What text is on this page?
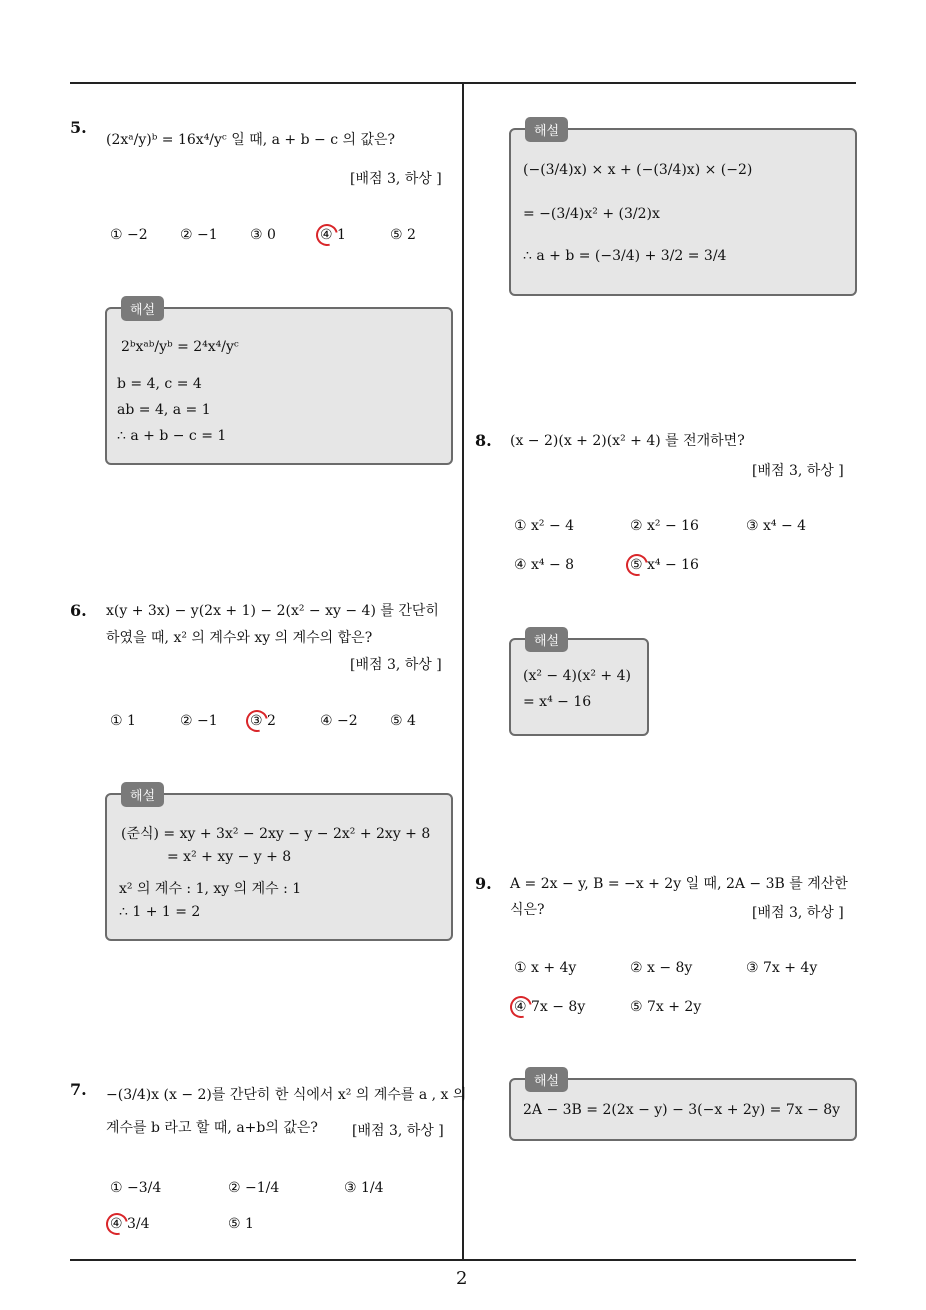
2
5.
(2xᵃ/y)ᵇ = 16x⁴/yᶜ 일 때, a + b − c 의 값은?
[배점 3, 하상 ]
① −2 ② −1 ③ 0	④ 1	⑤ 2
해설
2ᵇxᵃᵇ/yᵇ = 2⁴x⁴/yᶜ
b = 4, c = 4
ab = 4, a = 1
∴ a + b − c = 1
6. x(y + 3x) − y(2x + 1) − 2(x² − xy − 4) 를 간단히
하였을 때, x² 의 계수와 xy 의 계수의 합은?
[배점 3, 하상 ]
① 1	② −1 ③ 2	④ −2 ⑤ 4
해설
(준식) = xy + 3x² − 2xy − y − 2x² + 2xy + 8
= x² + xy − y + 8
x² 의 계수 : 1, xy 의 계수 : 1
∴ 1 + 1 = 2
7. −(3/4)x (x − 2)를 간단히 한 식에서 x² 의 계수를 a , x 의
계수를 b 라고 할 때, a+b의 값은? [배점 3, 하상 ]
① −3/4	② −1/4	③ 1/4
④ 3/4	⑤ 1
해설
(−(3/4)x) × x + (−(3/4)x) × (−2)
= −(3/4)x² + (3/2)x
∴ a + b = (−3/4) + 3/2 = 3/4
8. (x − 2)(x + 2)(x² + 4) 를 전개하면?
[배점 3, 하상 ]
① x² − 4	② x² − 16	③ x⁴ − 4
④ x⁴ − 8	⑤ x⁴ − 16
해설
(x² − 4)(x² + 4)
= x⁴ − 16
9. A = 2x − y, B = −x + 2y 일 때, 2A − 3B 를 계산한
식은?	[배점 3, 하상 ]
① x + 4y	② x − 8y	③ 7x + 4y
④ 7x − 8y	⑤ 7x + 2y
해설
2A − 3B = 2(2x − y) − 3(−x + 2y) = 7x − 8y
